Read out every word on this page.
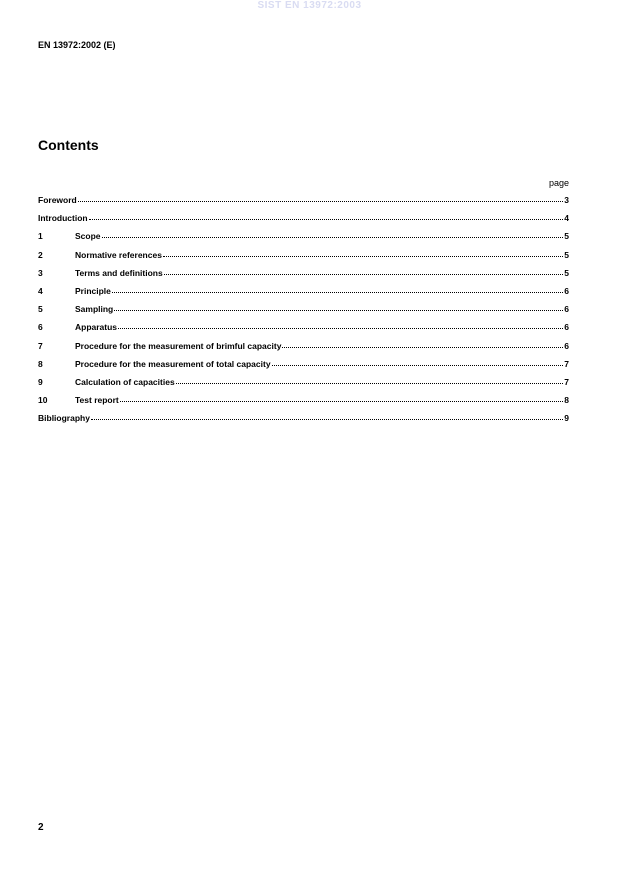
SIST EN 13972:2003
EN 13972:2002 (E)
Contents
page
Foreword	3
Introduction	4
1	Scope	5
2	Normative references	5
3	Terms and definitions	5
4	Principle	6
5	Sampling	6
6	Apparatus	6
7	Procedure for the measurement of brimful capacity	6
8	Procedure for the measurement of total capacity	7
9	Calculation of capacities	7
10	Test report	8
Bibliography	9
2
